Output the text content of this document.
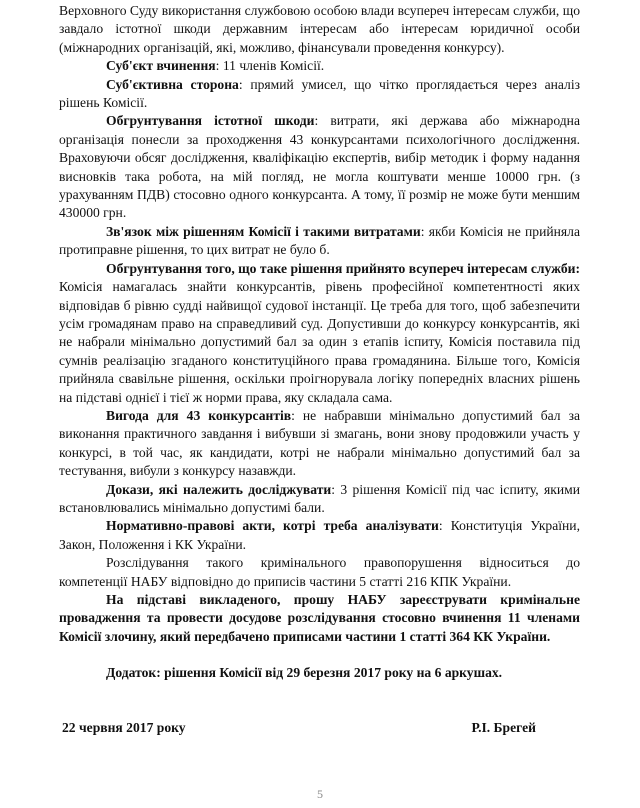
Верховного Суду використання службовою особою влади всупереч інтересам служби, що завдало істотної шкоди державним інтересам або інтересам юридичної особи (міжнародних організацій, які, можливо, фінансували проведення конкурсу).

Суб'єкт вчинення: 11 членів Комісії.

Суб'єктивна сторона: прямий умисел, що чітко проглядається через аналіз рішень Комісії.

Обгрунтування істотної шкоди: витрати, які держава або міжнародна організація понесли за проходження 43 конкурсантами психологічного дослідження. Враховуючи обсяг дослідження, кваліфікацію експертів, вибір методик і форму надання висновків така робота, на мій погляд, не могла коштувати менше 10000 грн. (з урахуванням ПДВ) стосовно одного конкурсанта. А тому, її розмір не може бути меншим 430000 грн.

Зв'язок між рішенням Комісії і такими витратами: якби Комісія не прийняла протиправне рішення, то цих витрат не було б.

Обгрунтування того, що таке рішення прийнято всупереч інтересам служби: Комісія намагалась знайти конкурсантів, рівень професійної компетентності яких відповідав б рівню судді найвищої судової інстанції. Це треба для того, щоб забезпечити усім громадянам право на справедливий суд. Допустивши до конкурсу конкурсантів, які не набрали мінімально допустимий бал за один з етапів іспиту, Комісія поставила під сумнів реалізацію згаданого конституційного права громадянина. Більше того, Комісія прийняла свавільне рішення, оскільки проігнорувала логіку попередніх власних рішень на підставі однієї і тієї ж норми права, яку складала сама.

Вигода для 43 конкурсантів: не набравши мінімально допустимий бал за виконання практичного завдання і вибувши зі змагань, вони знову продовжили участь у конкурсі, в той час, як кандидати, котрі не набрали мінімально допустимий бал за тестування, вибули з конкурсу назавжди.

Докази, які належить досліджувати: 3 рішення Комісії під час іспиту, якими встановлювались мінімально допустимі бали.

Нормативно-правові акти, котрі треба аналізувати: Конституція України, Закон, Положення і КК України.

Розслідування такого кримінального правопорушення відноситься до компетенції НАБУ відповідно до приписів частини 5 статті 216 КПК України.

На підставі викладеного, прошу НАБУ зареєструвати кримінальне провадження та провести досудове розслідування стосовно вчинення 11 членами Комісії злочину, який передбачено приписами частини 1 статті 364 КК України.

Додаток: рішення Комісії від 29 березня 2017 року на 6 аркушах.

22 червня 2017 року	Р.І. Брегей

5
